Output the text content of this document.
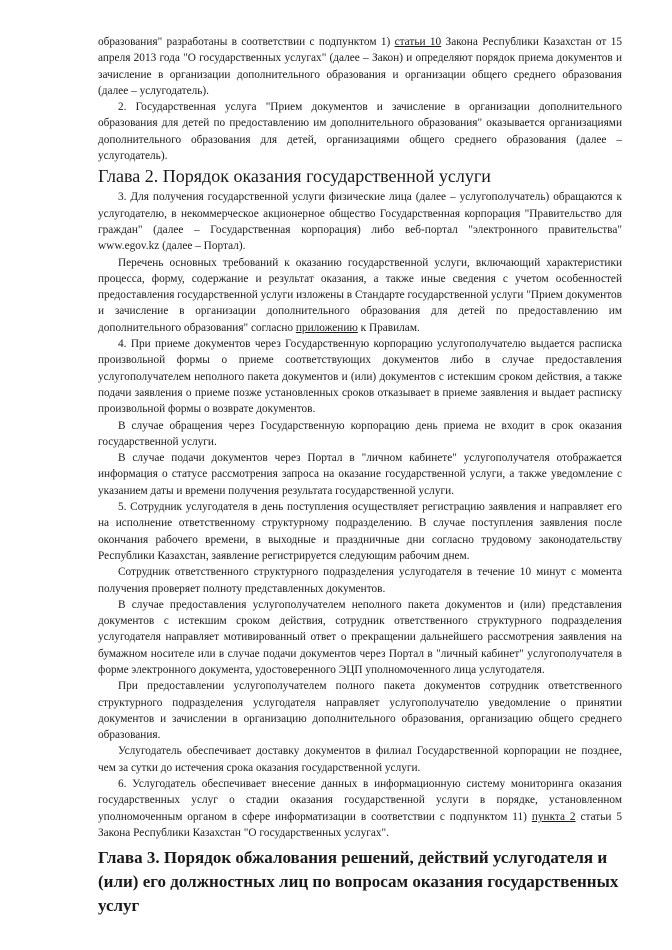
образования" разработаны в соответствии с подпунктом 1) статьи 10 Закона Республики Казахстан от 15 апреля 2013 года "О государственных услугах" (далее – Закон) и определяют порядок приема документов и зачисление в организации дополнительного образования и организации общего среднего образования (далее – услугодатель).

2. Государственная услуга "Прием документов и зачисление в организации дополнительного образования для детей по предоставлению им дополнительного образования" оказывается организациями дополнительного образования для детей, организациями общего среднего образования (далее – услугодатель).

Глава 2. Порядок оказания государственной услуги

3. Для получения государственной услуги физические лица (далее – услугополучатель) обращаются к услугодателю, в некоммерческое акционерное общество Государственная корпорация "Правительство для граждан" (далее – Государственная корпорация) либо веб-портал "электронного правительства" www.egov.kz (далее – Портал).

Перечень основных требований к оказанию государственной услуги, включающий характеристики процесса, форму, содержание и результат оказания, а также иные сведения с учетом особенностей предоставления государственной услуги изложены в Стандарте государственной услуги "Прием документов и зачисление в организации дополнительного образования для детей по предоставлению им дополнительного образования" согласно приложению к Правилам.

4. При приеме документов через Государственную корпорацию услугополучателю выдается расписка произвольной формы о приеме соответствующих документов либо в случае предоставления услугополучателем неполного пакета документов и (или) документов с истекшим сроком действия, а также подачи заявления о приеме позже установленных сроков отказывает в приеме заявления и выдает расписку произвольной формы о возврате документов.

В случае обращения через Государственную корпорацию день приема не входит в срок оказания государственной услуги.

В случае подачи документов через Портал в "личном кабинете" услугополучателя отображается информация о статусе рассмотрения запроса на оказание государственной услуги, а также уведомление с указанием даты и времени получения результата государственной услуги.

5. Сотрудник услугодателя в день поступления осуществляет регистрацию заявления и направляет его на исполнение ответственному структурному подразделению. В случае поступления заявления после окончания рабочего времени, в выходные и праздничные дни согласно трудовому законодательству Республики Казахстан, заявление регистрируется следующим рабочим днем.

Сотрудник ответственного структурного подразделения услугодателя в течение 10 минут с момента получения проверяет полноту представленных документов.

В случае предоставления услугополучателем неполного пакета документов и (или) представления документов с истекшим сроком действия, сотрудник ответственного структурного подразделения услугодателя направляет мотивированный ответ о прекращении дальнейшего рассмотрения заявления на бумажном носителе или в случае подачи документов через Портал в "личный кабинет" услугополучателя в форме электронного документа, удостоверенного ЭЦП уполномоченного лица услугодателя.

При предоставлении услугополучателем полного пакета документов сотрудник ответственного структурного подразделения услугодателя направляет услугополучателю уведомление о принятии документов и зачислении в организацию дополнительного образования, организацию общего среднего образования.

Услугодатель обеспечивает доставку документов в филиал Государственной корпорации не позднее, чем за сутки до истечения срока оказания государственной услуги.

6. Услугодатель обеспечивает внесение данных в информационную систему мониторинга оказания государственных услуг о стадии оказания государственной услуги в порядке, установленном уполномоченным органом в сфере информатизации в соответствии с подпунктом 11) пункта 2 статьи 5 Закона Республики Казахстан "О государственных услугах".

Глава 3. Порядок обжалования решений, действий услугодателя и (или) его должностных лиц по вопросам оказания государственных услуг
